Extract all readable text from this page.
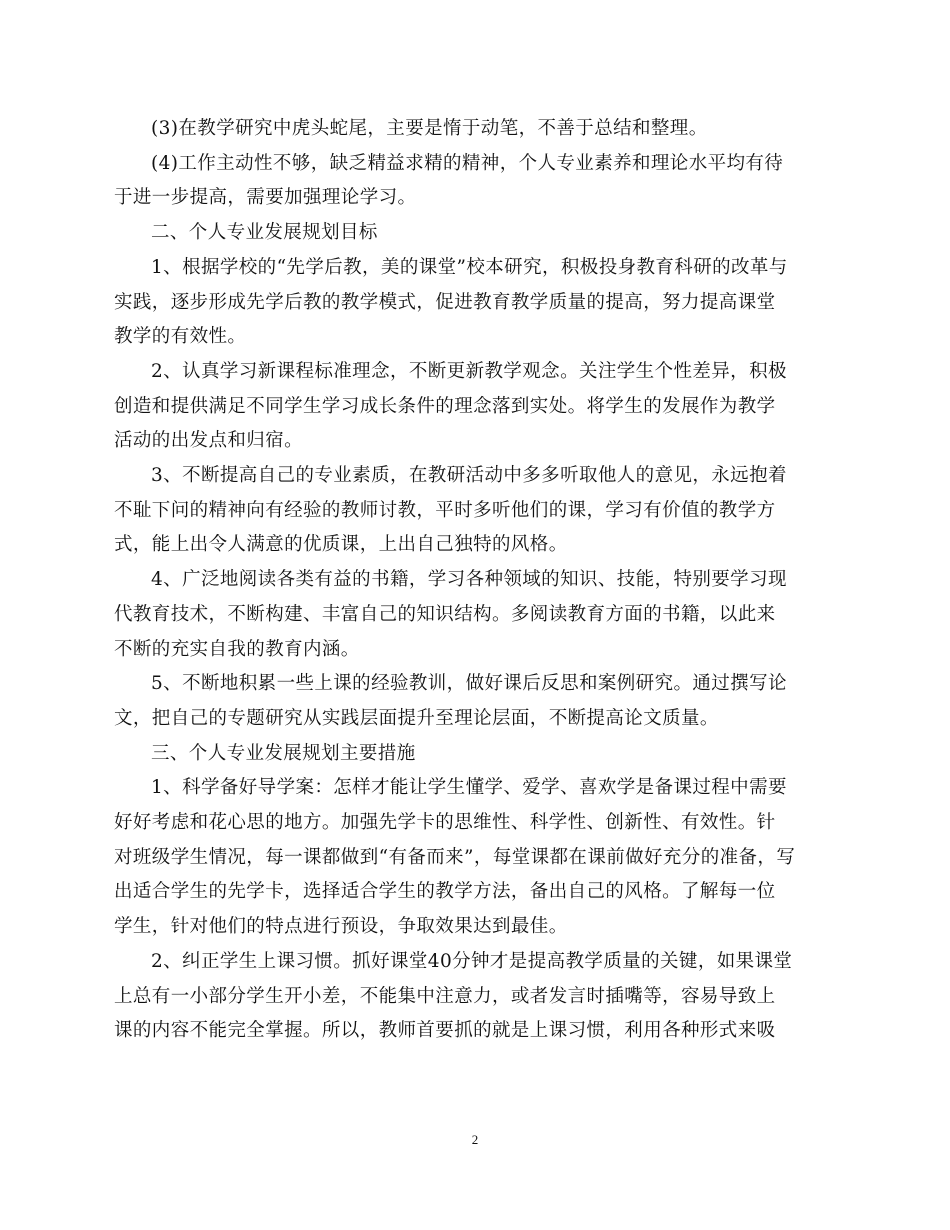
(3)在教学研究中虎头蛇尾，主要是惰于动笔，不善于总结和整理。

(4)工作主动性不够，缺乏精益求精的精神，个人专业素养和理论水平均有待
于进一步提高，需要加强理论学习。

二、个人专业发展规划目标

1、根据学校的“先学后教，美的课堂”校本研究，积极投身教育科研的改革与
实践，逐步形成先学后教的教学模式，促进教育教学质量的提高，努力提高课堂
教学的有效性。

2、认真学习新课程标准理念，不断更新教学观念。关注学生个性差异，积极
创造和提供满足不同学生学习成长条件的理念落到实处。将学生的发展作为教学
活动的出发点和归宿。

3、不断提高自己的专业素质，在教研活动中多多听取他人的意见，永远抱着
不耻下问的精神向有经验的教师讨教，平时多听他们的课，学习有价值的教学方
式，能上出令人满意的优质课，上出自己独特的风格。

4、广泛地阅读各类有益的书籍，学习各种领域的知识、技能，特别要学习现
代教育技术，不断构建、丰富自己的知识结构。多阅读教育方面的书籍，以此来
不断的充实自我的教育内涵。

5、不断地积累一些上课的经验教训，做好课后反思和案例研究。通过撰写论
文，把自己的专题研究从实践层面提升至理论层面，不断提高论文质量。

三、个人专业发展规划主要措施

1、科学备好导学案：怎样才能让学生懂学、爱学、喜欢学是备课过程中需要
好好考虑和花心思的地方。加强先学卡的思维性、科学性、创新性、有效性。针
对班级学生情况，每一课都做到“有备而来”，每堂课都在课前做好充分的准备，写
出适合学生的先学卡，选择适合学生的教学方法，备出自己的风格。了解每一位
学生，针对他们的特点进行预设，争取效果达到最佳。

2、纠正学生上课习惯。抓好课堂40分钟才是提高教学质量的关键，如果课堂
上总有一小部分学生开小差，不能集中注意力，或者发言时插嘴等，容易导致上
课的内容不能完全掌握。所以，教师首要抓的就是上课习惯，利用各种形式来吸

2
